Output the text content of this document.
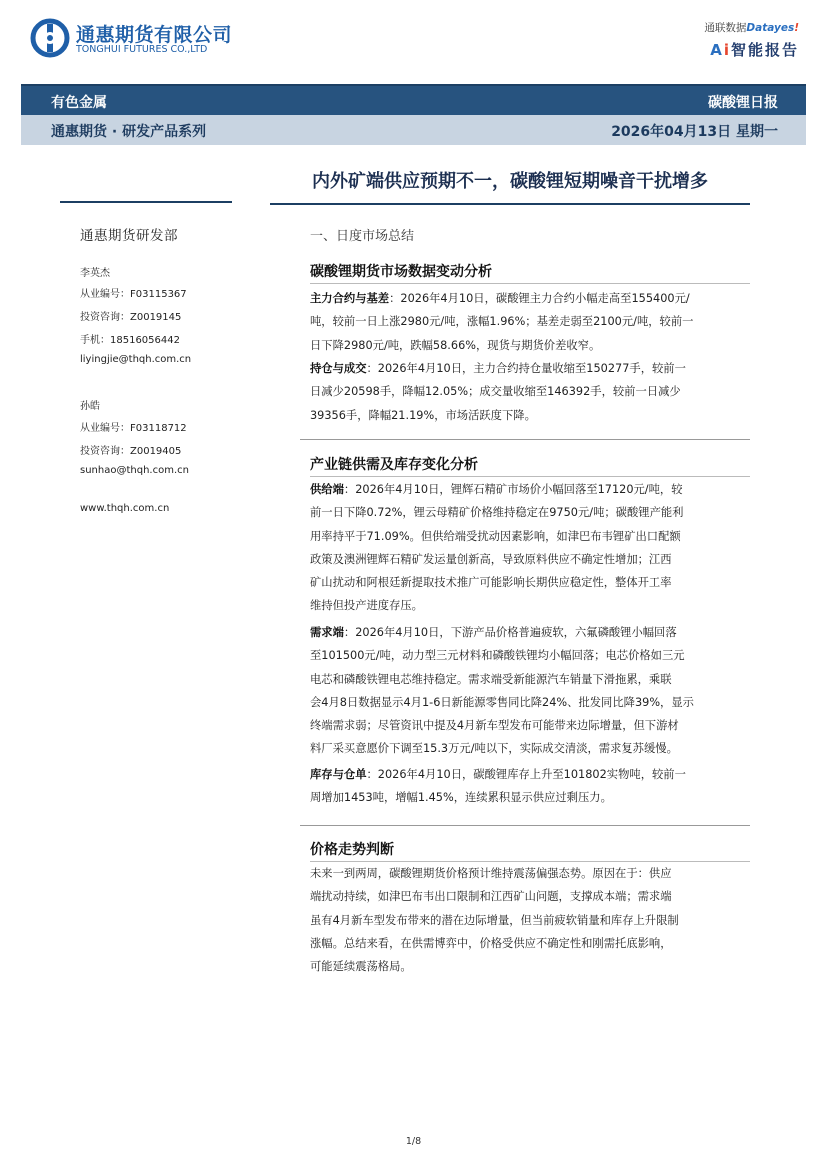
通惠期货有限公司
TONGHUI FUTURES CO.,LTD
通联数据Datayes!
Ai智能报告
有色金属	碳酸锂日报
通惠期货 · 研发产品系列	2026年04月13日 星期一
内外矿端供应预期不一，碳酸锂短期噪音干扰增多
通惠期货研发部
李英杰
从业编号：F03115367
投资咨询：Z0019145
手机：18516056442
liyingjie@thqh.com.cn
孙皓
从业编号：F03118712
投资咨询：Z0019405
sunhao@thqh.com.cn
www.thqh.com.cn
一、日度市场总结
碳酸锂期货市场数据变动分析
主力合约与基差：2026年4月10日，碳酸锂主力合约小幅走高至155400元/
吨，较前一日上涨2980元/吨，涨幅1.96%；基差走弱至2100元/吨，较前一
日下降2980元/吨，跌幅58.66%，现货与期货价差收窄。
持仓与成交：2026年4月10日，主力合约持仓量收缩至150277手，较前一
日减少20598手，降幅12.05%；成交量收缩至146392手，较前一日减少
39356手，降幅21.19%，市场活跃度下降。
产业链供需及库存变化分析
供给端：2026年4月10日，锂辉石精矿市场价小幅回落至17120元/吨，较
前一日下降0.72%，锂云母精矿价格维持稳定在9750元/吨；碳酸锂产能利
用率持平于71.09%。但供给端受扰动因素影响，如津巴布韦锂矿出口配额
政策及澳洲锂辉石精矿发运量创新高，导致原料供应不确定性增加；江西
矿山扰动和阿根廷新提取技术推广可能影响长期供应稳定性，整体开工率
维持但投产进度存压。
需求端：2026年4月10日，下游产品价格普遍疲软，六氟磷酸锂小幅回落
至101500元/吨，动力型三元材料和磷酸铁锂均小幅回落；电芯价格如三元
电芯和磷酸铁锂电芯维持稳定。需求端受新能源汽车销量下滑拖累，乘联
会4月8日数据显示4月1-6日新能源零售同比降24%、批发同比降39%，显示
终端需求弱；尽管资讯中提及4月新车型发布可能带来边际增量，但下游材
料厂采买意愿价下调至15.3万元/吨以下，实际成交清淡，需求复苏缓慢。
库存与仓单：2026年4月10日，碳酸锂库存上升至101802实物吨，较前一
周增加1453吨，增幅1.45%，连续累积显示供应过剩压力。
价格走势判断
未来一到两周，碳酸锂期货价格预计维持震荡偏强态势。原因在于：供应
端扰动持续，如津巴布韦出口限制和江西矿山问题，支撑成本端；需求端
虽有4月新车型发布带来的潜在边际增量，但当前疲软销量和库存上升限制
涨幅。总结来看，在供需博弈中，价格受供应不确定性和刚需托底影响，
可能延续震荡格局。
1/8
